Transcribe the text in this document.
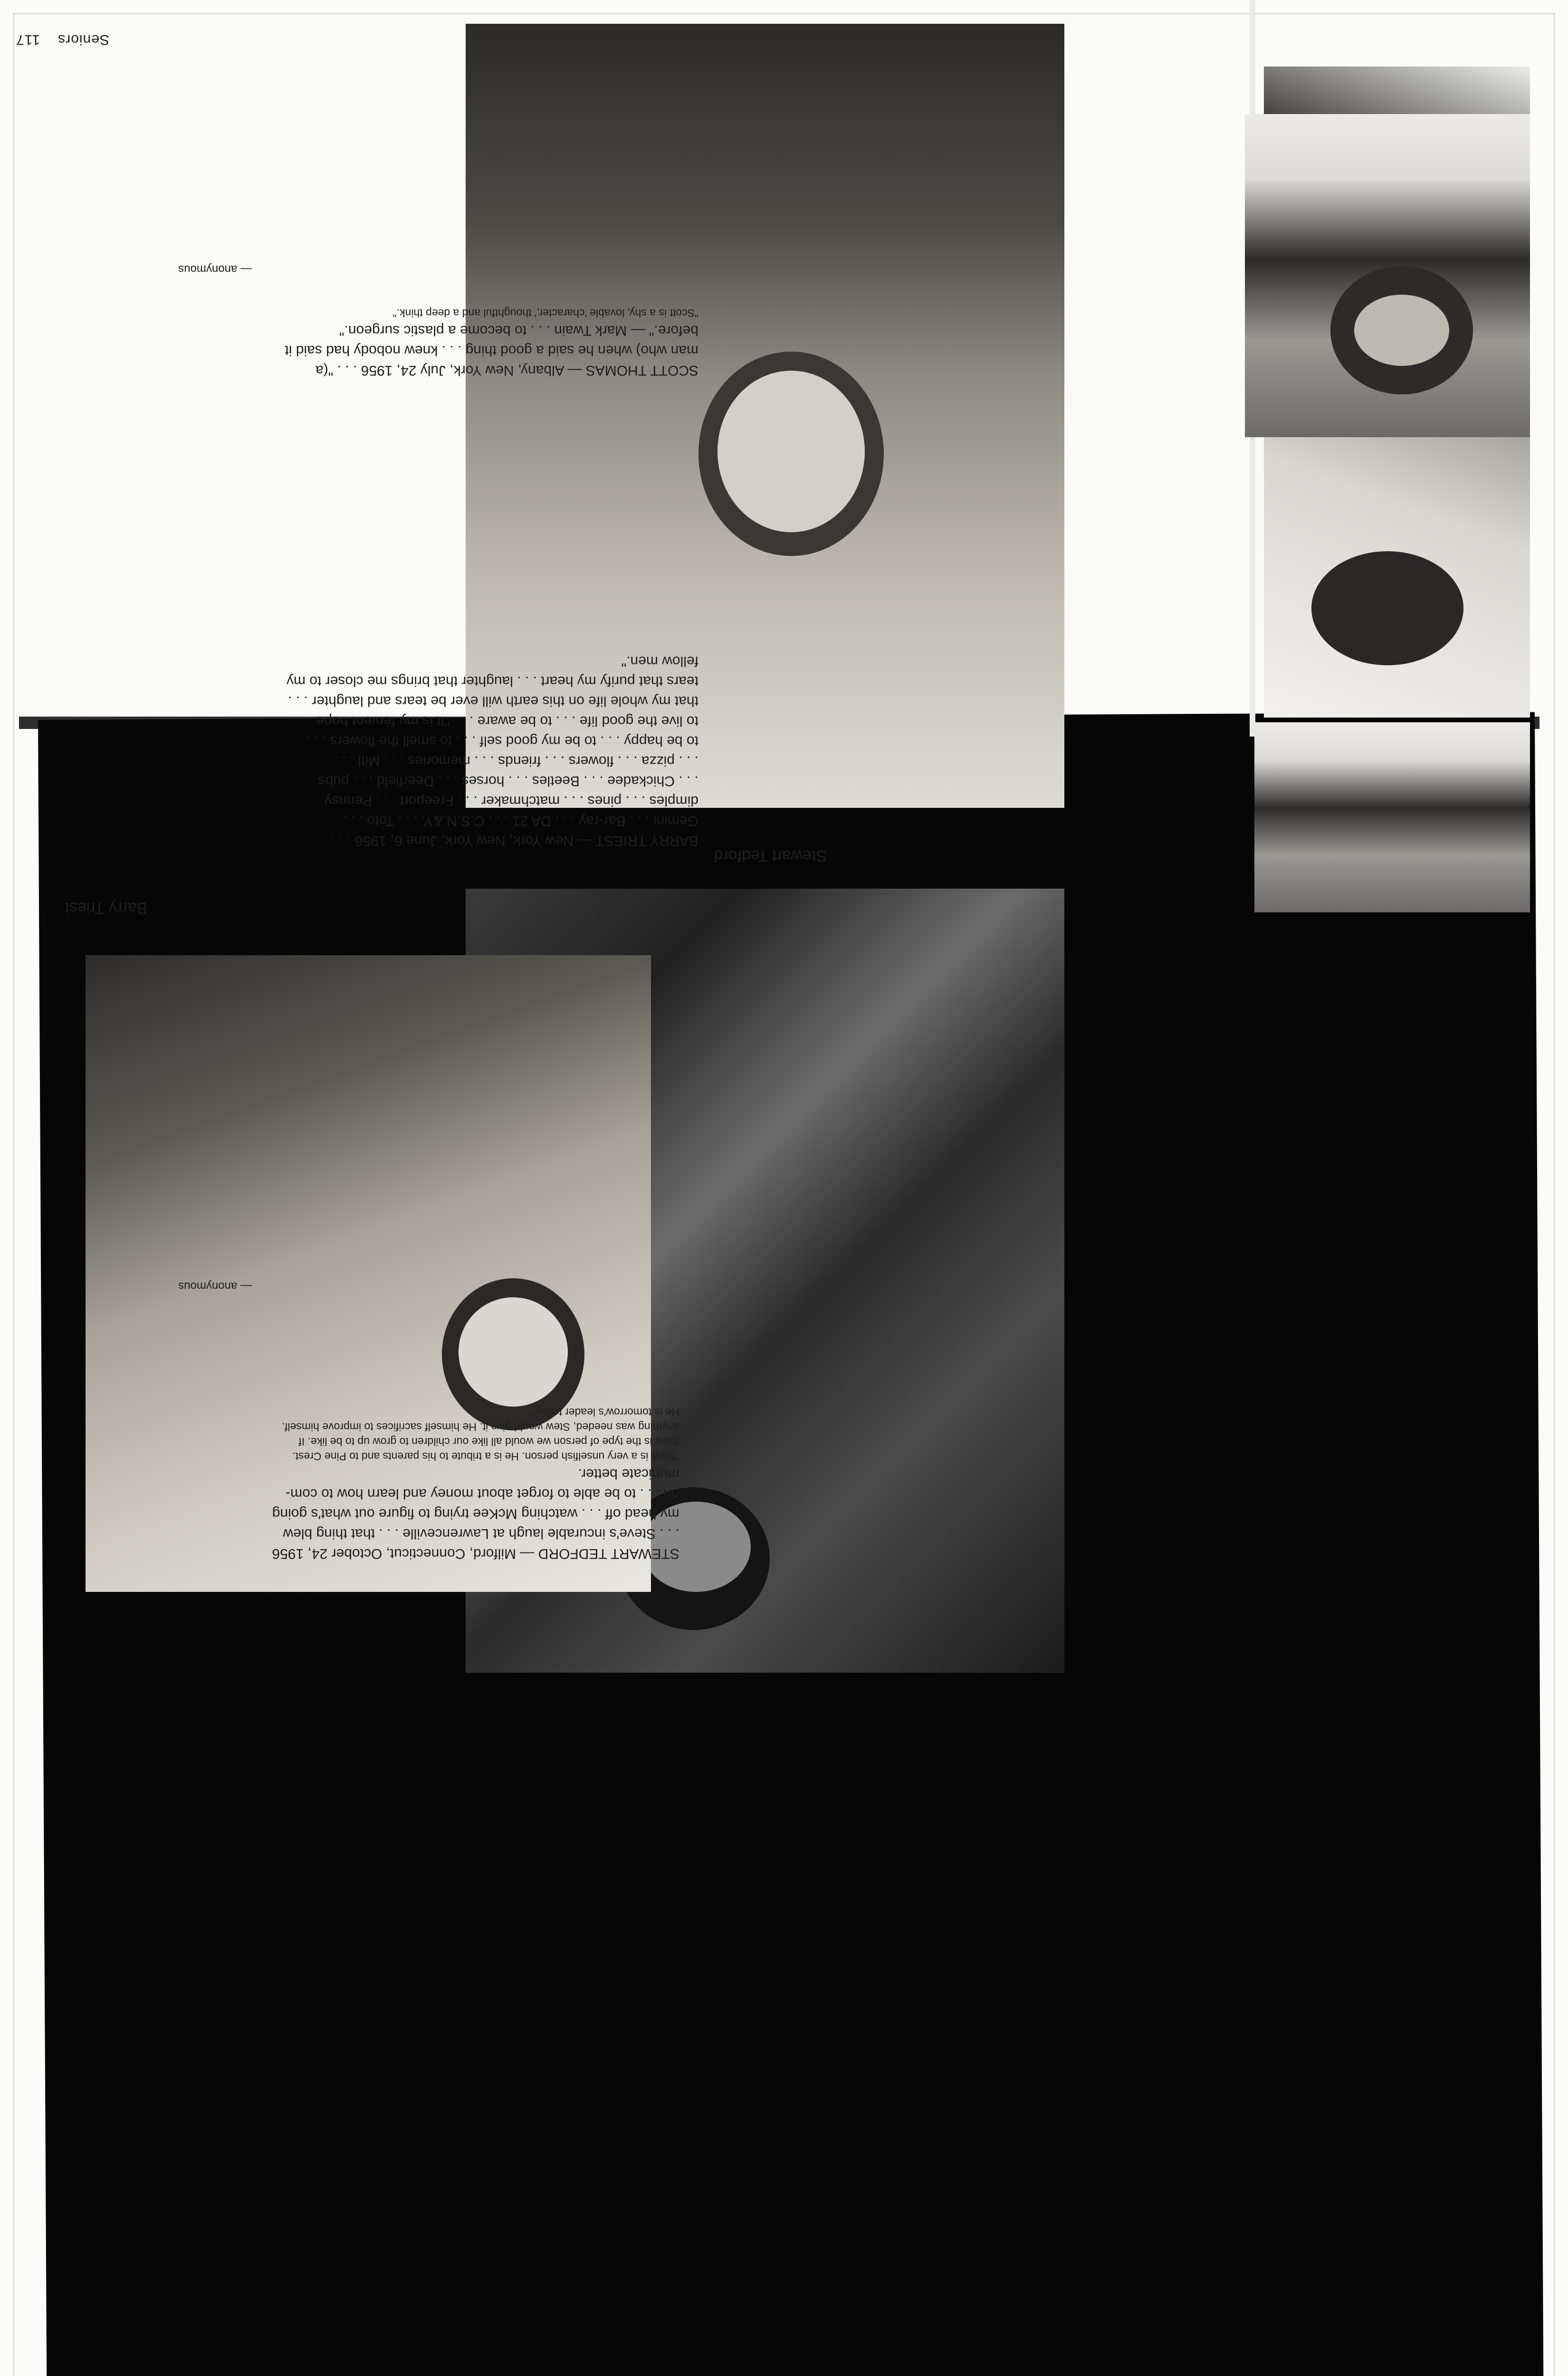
Stewart Tedford
Barry Triest

STEWART TEDFORD — Milford, Connecticut, October 24, 1956

. . . Steve's incurable laugh at Lawrenceville . . . that thing blew

my head off . . . watching McKee trying to figure out what's going

on . . . to be able to forget about money and learn how to com-

municate better.

"Stew is a very unselfish person. He is a tribute to his parents and to Pine Crest.

Stew is the type of person we would all like our children to grow up to be like. If

anything was needed, Stew would give it. He himself sacrifices to improve himself.

He is tomorrow's leader today!"

— anonymous

BARRY TRIEST — New York, New York, June 6, 1956 . . .

Gemini . . . Bar-ray . . . DA 21 . . . C.S.N.&Y. . . . Toto . . .

dimples . . . pines . . . matchmaker . . . Freeport . . . Pennsy

. . . Chickadee . . . Beetles . . . horses . . . Deerfield . . . pubs

. . . pizza . . . flowers . . . friends . . . memories . . . Mitl . . .

to be happy . . . to be my good self . . . to smell the flowers . . .

to live the good life . . . to be aware . . . "It is my fervent hope

that my whole life on this earth will ever be tears and laughter . . .

tears that purify my heart . . . laughter that brings me closer to my

fellow men."

SCOTT THOMAS — Albany, New York, July 24, 1956 . . . "(a

man who) when he said a good thing . . . knew nobody had said it

before." — Mark Twain . . . to become a plastic surgeon."

"Scott is a shy, lovable 'character,' thoughtful and a deep think."

— anonymous
Seniors    117
